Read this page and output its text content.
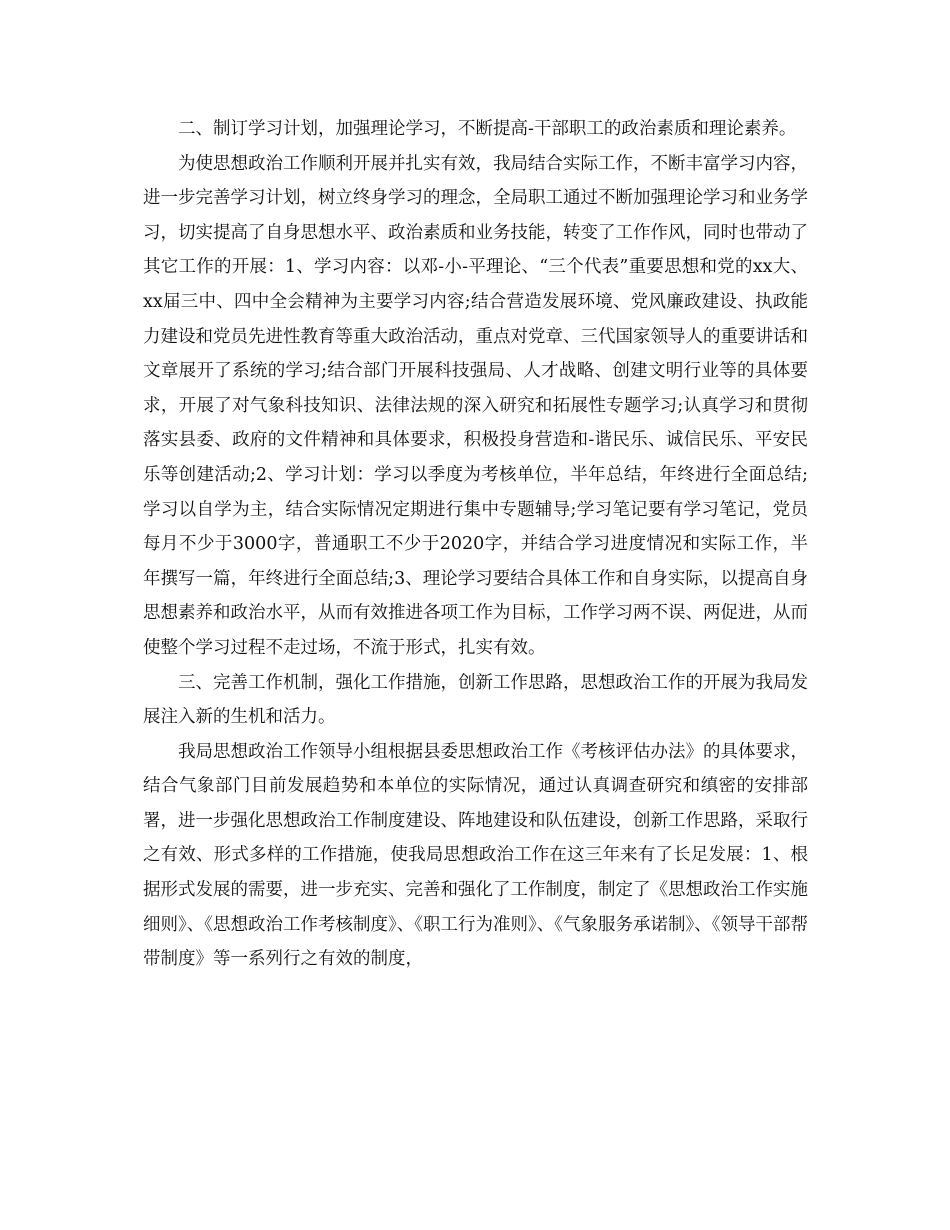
二、制订学习计划，加强理论学习，不断提高-干部职工的政治素质和理论素养。

为使思想政治工作顺利开展并扎实有效，我局结合实际工作，不断丰富学习内容，进一步完善学习计划，树立终身学习的理念，全局职工通过不断加强理论学习和业务学习，切实提高了自身思想水平、政治素质和业务技能，转变了工作作风，同时也带动了其它工作的开展：1、学习内容：以邓-小-平理论、“三个代表”重要思想和党的xx大、xx届三中、四中全会精神为主要学习内容;结合营造发展环境、党风廉政建设、执政能力建设和党员先进性教育等重大政治活动，重点对党章、三代国家领导人的重要讲话和文章展开了系统的学习;结合部门开展科技强局、人才战略、创建文明行业等的具体要求，开展了对气象科技知识、法律法规的深入研究和拓展性专题学习;认真学习和贯彻落实县委、政府的文件精神和具体要求，积极投身营造和-谐民乐、诚信民乐、平安民乐等创建活动;2、学习计划：学习以季度为考核单位，半年总结，年终进行全面总结;学习以自学为主，结合实际情况定期进行集中专题辅导;学习笔记要有学习笔记，党员每月不少于3000字，普通职工不少于2020字，并结合学习进度情况和实际工作，半年撰写一篇，年终进行全面总结;3、理论学习要结合具体工作和自身实际，以提高自身思想素养和政治水平，从而有效推进各项工作为目标，工作学习两不误、两促进，从而使整个学习过程不走过场，不流于形式，扎实有效。

三、完善工作机制，强化工作措施，创新工作思路，思想政治工作的开展为我局发展注入新的生机和活力。

我局思想政治工作领导小组根据县委思想政治工作《考核评估办法》的具体要求，结合气象部门目前发展趋势和本单位的实际情况，通过认真调查研究和缜密的安排部署，进一步强化思想政治工作制度建设、阵地建设和队伍建设，创新工作思路，采取行之有效、形式多样的工作措施，使我局思想政治工作在这三年来有了长足发展：1、根据形式发展的需要，进一步充实、完善和强化了工作制度，制定了《思想政治工作实施细则》、《思想政治工作考核制度》、《职工行为准则》、《气象服务承诺制》、《领导干部帮带制度》等一系列行之有效的制度，
